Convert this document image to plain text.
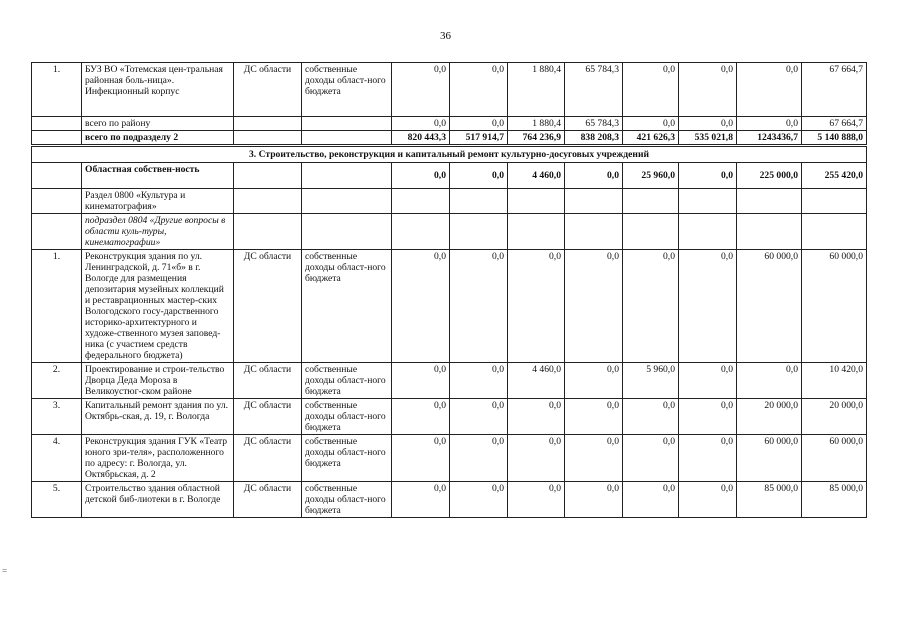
36
=
1.	БУЗ ВО «Тотемская цен-тральная районная боль-ница». Инфекционный корпус	ДС области	собственные доходы област-ного бюджета	0,0	0,0	1 880,4	65 784,3	0,0	0,0	0,0	67 664,7
	всего по району			0,0	0,0	1 880,4	65 784,3	0,0	0,0	0,0	67 664,7
	всего по подразделу 2			820 443,3	517 914,7	764 236,9	838 208,3	421 626,3	535 021,8	1243436,7	5 140 888,0
3. Строительство, реконструкция и капитальный ремонт культурно-досуговых учреждений											
	Областная собствен-ность			0,0	0,0	4 460,0	0,0	25 960,0	0,0	225 000,0	255 420,0
	Раздел 0800 «Культура и кинематография»										
	подраздел 0804 «Другие вопросы в области куль-туры, кинематографии»										
1.	Реконструкция здания по ул. Ленинградской, д. 71«б» в г. Вологде для размещения депозитария музейных коллекций и реставрационных мастер-ских Вологодского госу-дарственного историко-архитектурного и художе-ственного музея заповед-ника (с участием средств федерального бюджета)	ДС области	собственные доходы област-ного бюджета	0,0	0,0	0,0	0,0	0,0	0,0	60 000,0	60 000,0
2.	Проектирование и строи-тельство Дворца Деда Мороза в Великоустюг-ском районе	ДС области	собственные доходы област-ного бюджета	0,0	0,0	4 460,0	0,0	5 960,0	0,0	0,0	10 420,0
3.	Капитальный ремонт здания по ул. Октябрь-ская, д. 19, г. Вологда	ДС области	собственные доходы област-ного бюджета	0,0	0,0	0,0	0,0	0,0	0,0	20 000,0	20 000,0
4.	Реконструкция здания ГУК «Театр юного зри-теля», расположенного по адресу: г. Вологда, ул. Октябрьская, д. 2	ДС области	собственные доходы област-ного бюджета	0,0	0,0	0,0	0,0	0,0	0,0	60 000,0	60 000,0
5.	Строительство здания областной детской биб-лиотеки в г. Вологде	ДС области	собственные доходы област-ного бюджета	0,0	0,0	0,0	0,0	0,0	0,0	85 000,0	85 000,0
